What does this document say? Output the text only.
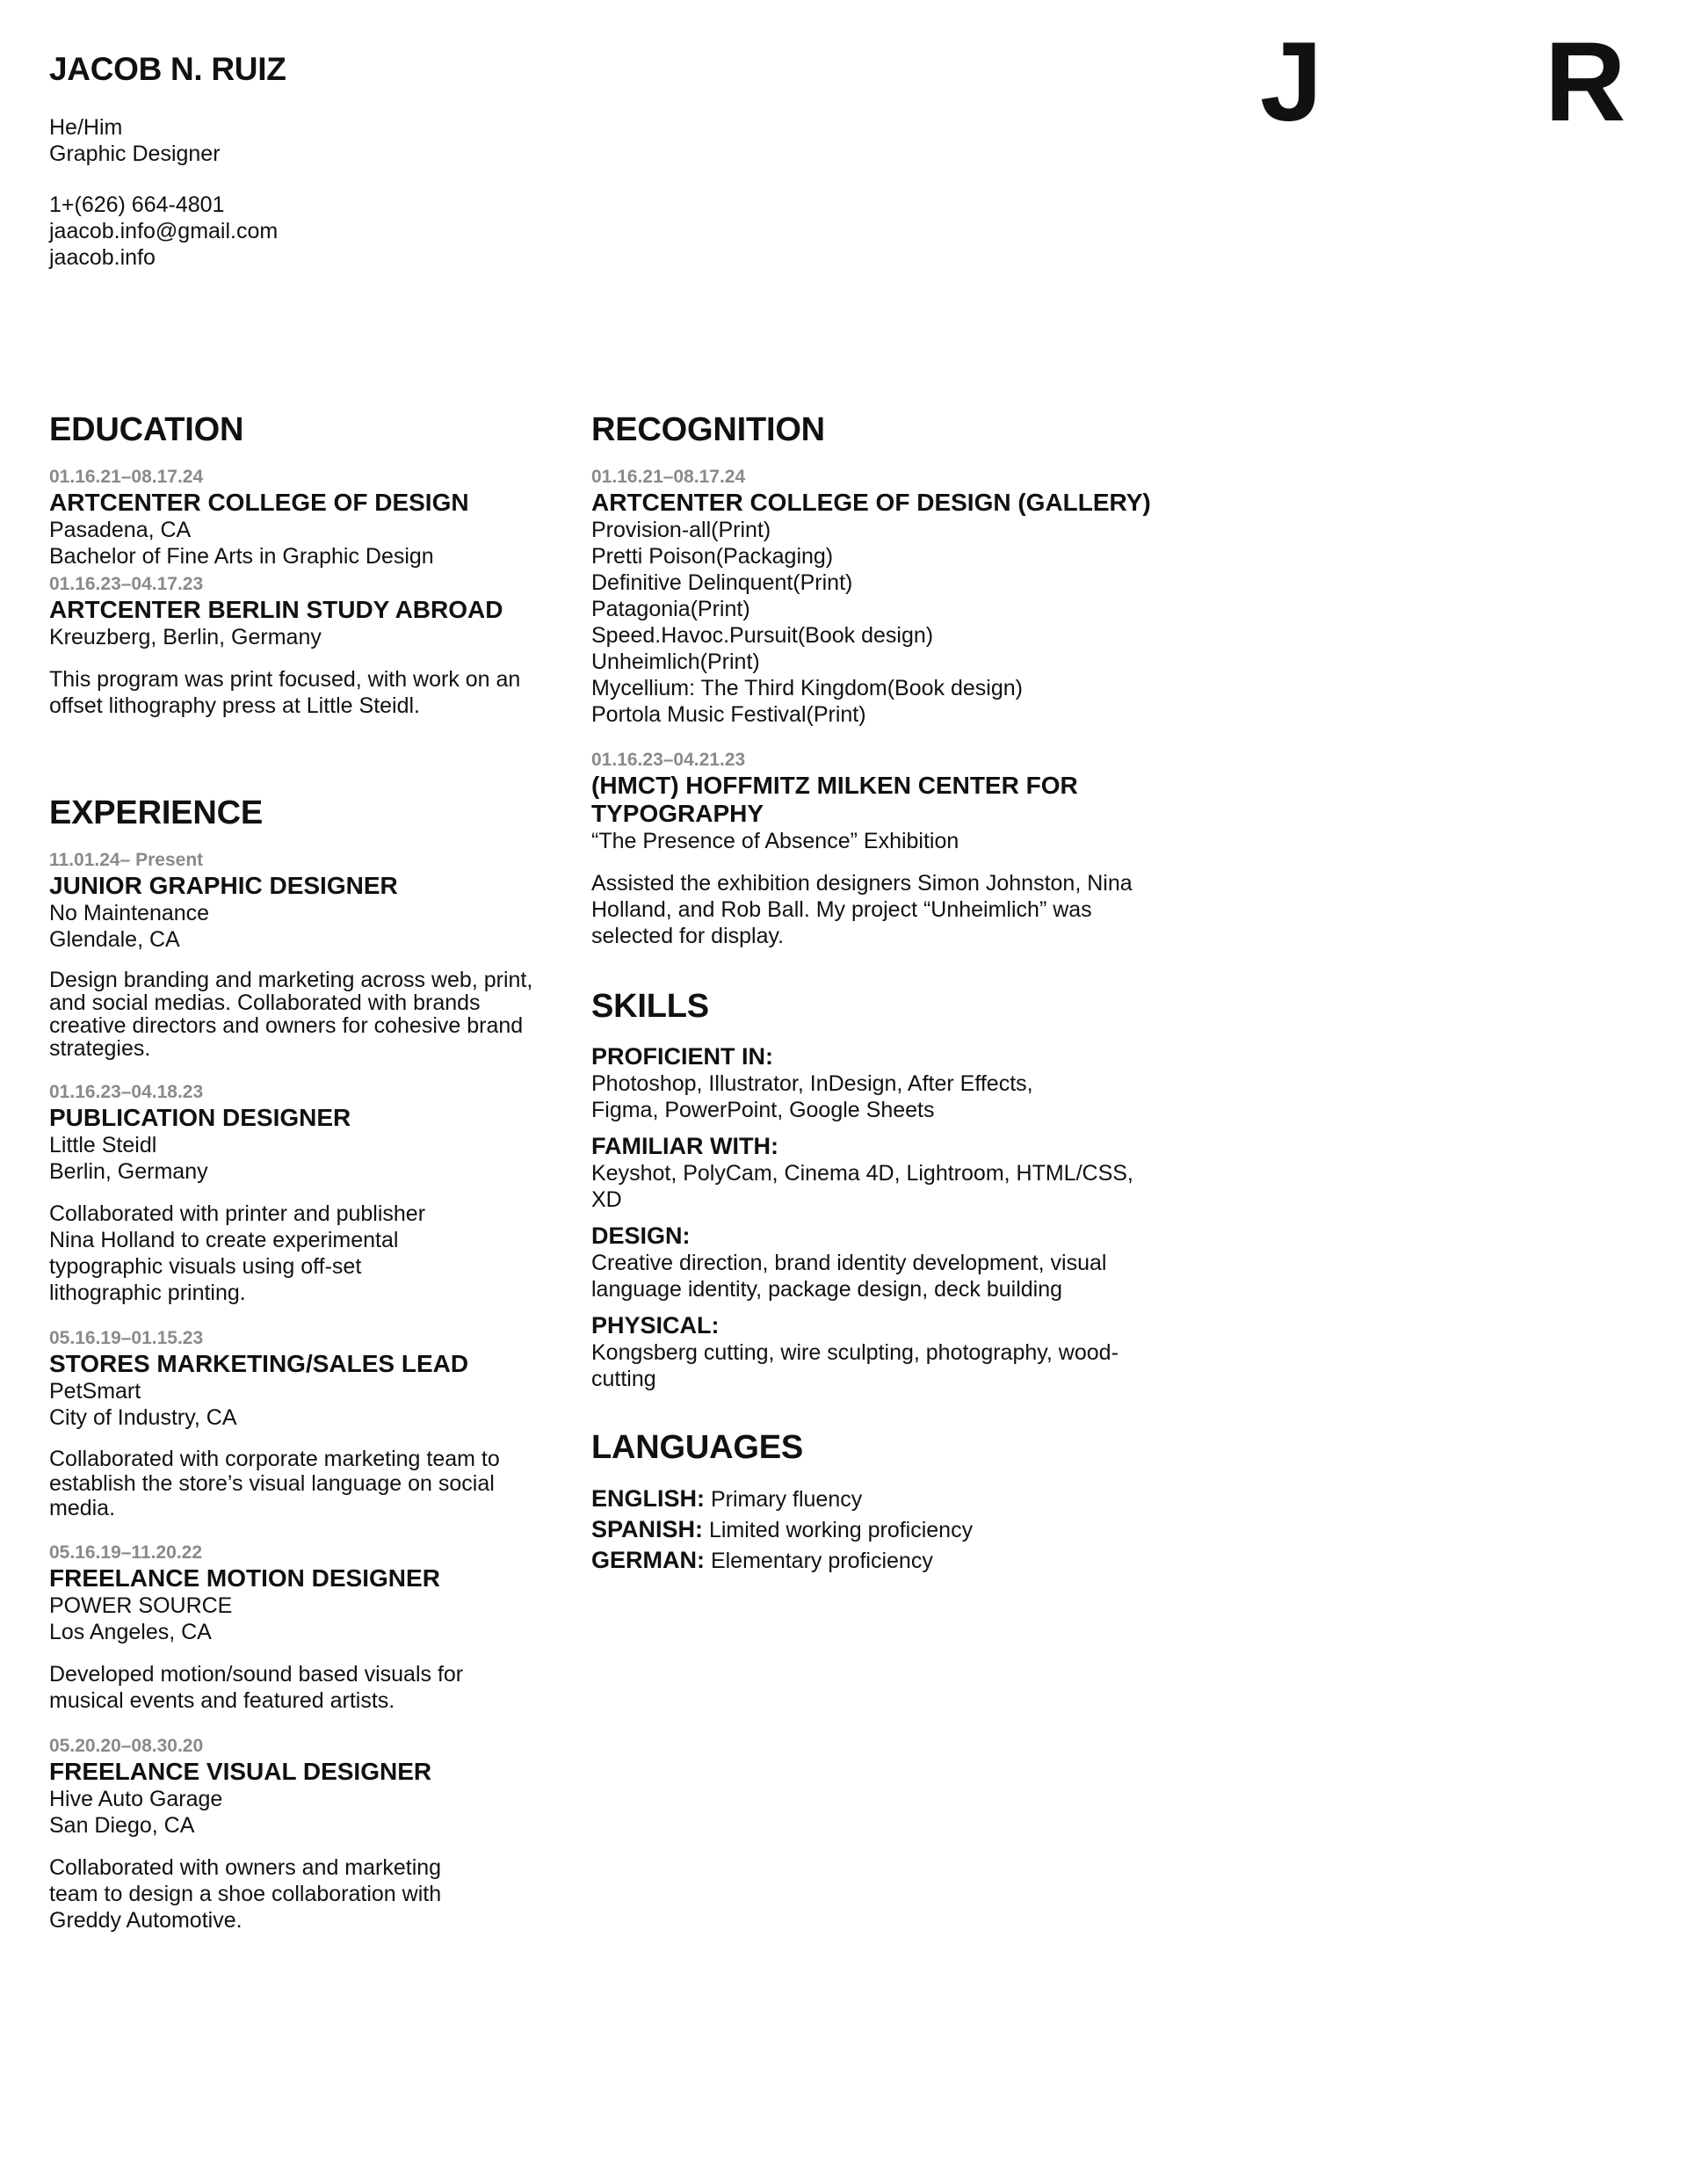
JACOB N. RUIZ
He/Him
Graphic Designer
1+(626) 664-4801
jaacob.info@gmail.com
jaacob.info
J R
EDUCATION
01.16.21–08.17.24
ARTCENTER COLLEGE OF DESIGN
Pasadena, CA
Bachelor of Fine Arts in Graphic Design
01.16.23–04.17.23
ARTCENTER BERLIN STUDY ABROAD
Kreuzberg, Berlin, Germany
This program was print focused, with work on an offset lithography press at Little Steidl.
EXPERIENCE
11.01.24– Present
JUNIOR GRAPHIC DESIGNER
No Maintenance
Glendale, CA
Design branding and marketing across web, print, and social medias. Collaborated with brands creative directors and owners for cohesive brand strategies.
01.16.23–04.18.23
PUBLICATION DESIGNER
Little Steidl
Berlin, Germany
Collaborated with printer and publisher Nina Holland to create experimental typographic visuals using off-set lithographic printing.
05.16.19–01.15.23
STORES MARKETING/SALES LEAD
PetSmart
City of Industry, CA
Collaborated with corporate marketing team to establish the store’s visual language on social media.
05.16.19–11.20.22
FREELANCE MOTION DESIGNER
POWER SOURCE
Los Angeles, CA
Developed motion/sound based visuals for musical events and featured artists.
05.20.20–08.30.20
FREELANCE VISUAL DESIGNER
Hive Auto Garage
San Diego, CA
Collaborated with owners and marketing team to design a shoe collaboration with Greddy Automotive.
RECOGNITION
01.16.21–08.17.24
ARTCENTER COLLEGE OF DESIGN (GALLERY)
Provision-all(Print)
Pretti Poison(Packaging)
Definitive Delinquent(Print)
Patagonia(Print)
Speed.Havoc.Pursuit(Book design)
Unheimlich(Print)
Mycellium: The Third Kingdom(Book design)
Portola Music Festival(Print)
01.16.23–04.21.23
(HMCT) HOFFMITZ MILKEN CENTER FOR TYPOGRAPHY
“The Presence of Absence” Exhibition
Assisted the exhibition designers Simon Johnston, Nina Holland, and Rob Ball. My project “Unheimlich” was selected for display.
SKILLS
PROFICIENT IN:
Photoshop, Illustrator, InDesign, After Effects, Figma, PowerPoint, Google Sheets
FAMILIAR WITH:
Keyshot, PolyCam, Cinema 4D, Lightroom, HTML/CSS, XD
DESIGN:
Creative direction, brand identity development, visual language identity, package design, deck building
PHYSICAL:
Kongsberg cutting, wire sculpting, photography, wood-cutting
LANGUAGES
ENGLISH: Primary fluency
SPANISH: Limited working proficiency
GERMAN: Elementary proficiency
